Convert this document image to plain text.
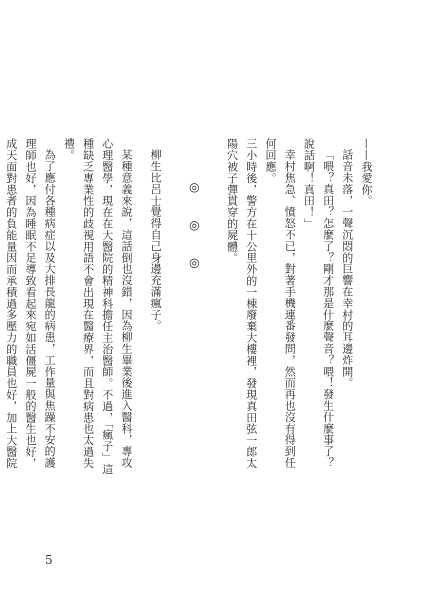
——我愛你。

話音未落，一聲沉悶的巨響在幸村的耳邊炸開。

「喂？真田？怎麼了？剛才那是什麼聲音？喂！發生什麼事了？說話啊！真田！」

幸村焦急、憤怒不已，對著手機連番發問，然而再也沒有得到任何回應。

三小時後，警方在十公里外的一棟廢棄大樓裡，發現真田弦一郎太陽穴被子彈貫穿的屍體。

◎ ◎ ◎

柳生比呂士覺得自己身邊充滿瘋子。

某種意義來說，這話倒也沒錯，因為柳生畢業後進入醫科，專攻心理醫學，現在在大醫院的精神科擔任主治醫師。不過，「瘋子」這種缺乏專業性的歧視用語不會出現在醫療界，而且對病患也太過失禮。

為了應付各種病症以及大排長龍的病患，工作量與焦躁不安的護理師也好，因為睡眠不足導致看起來宛如活僵屍一般的醫生也好，成天面對患者的負能量因而承積過多壓力的職員也好，加上大醫院

5
